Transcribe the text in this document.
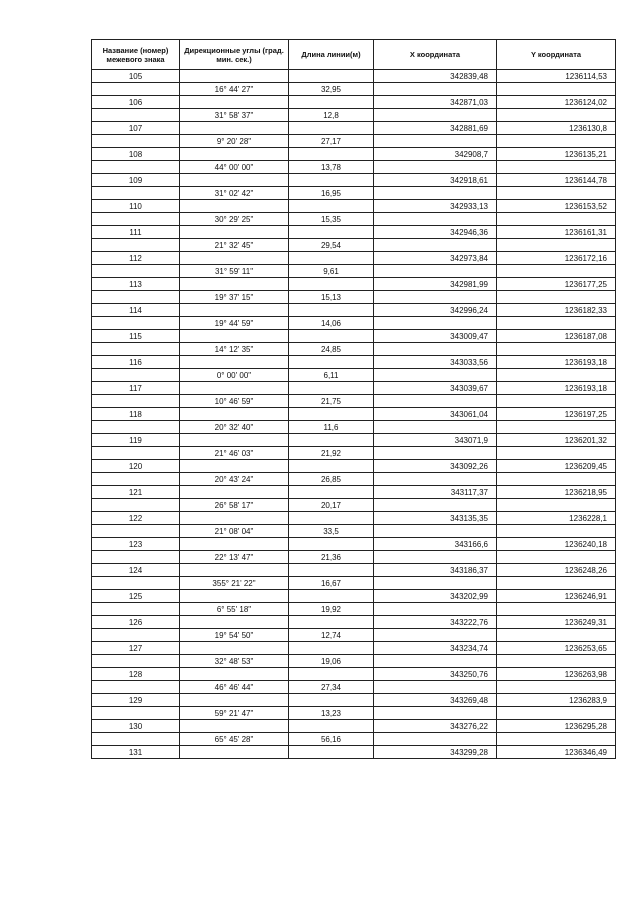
Название (номер) межевого знака	Дирекционные углы (град. мин. сек.)	Длина линии(м)	X координата	Y координата
105			342839,48	1236114,53
	16° 44' 27"	32,95		
106			342871,03	1236124,02
	31° 58' 37"	12,8		
107			342881,69	1236130,8
	9° 20' 28"	27,17		
108			342908,7	1236135,21
	44° 00' 00"	13,78		
109			342918,61	1236144,78
	31° 02' 42"	16,95		
110			342933,13	1236153,52
	30° 29' 25"	15,35		
111			342946,36	1236161,31
	21° 32' 45"	29,54		
112			342973,84	1236172,16
	31° 59' 11"	9,61		
113			342981,99	1236177,25
	19° 37' 15"	15,13		
114			342996,24	1236182,33
	19° 44' 59"	14,06		
115			343009,47	1236187,08
	14° 12' 35"	24,85		
116			343033,56	1236193,18
	0° 00' 00"	6,11		
117			343039,67	1236193,18
	10° 46' 59"	21,75		
118			343061,04	1236197,25
	20° 32' 40"	11,6		
119			343071,9	1236201,32
	21° 46' 03"	21,92		
120			343092,26	1236209,45
	20° 43' 24"	26,85		
121			343117,37	1236218,95
	26° 58' 17"	20,17		
122			343135,35	1236228,1
	21° 08' 04"	33,5		
123			343166,6	1236240,18
	22° 13' 47"	21,36		
124			343186,37	1236248,26
	355° 21' 22"	16,67		
125			343202,99	1236246,91
	6° 55' 18"	19,92		
126			343222,76	1236249,31
	19° 54' 50"	12,74		
127			343234,74	1236253,65
	32° 48' 53"	19,06		
128			343250,76	1236263,98
	46° 46' 44"	27,34		
129			343269,48	1236283,9
	59° 21' 47"	13,23		
130			343276,22	1236295,28
	65° 45' 28"	56,16		
131			343299,28	1236346,49
